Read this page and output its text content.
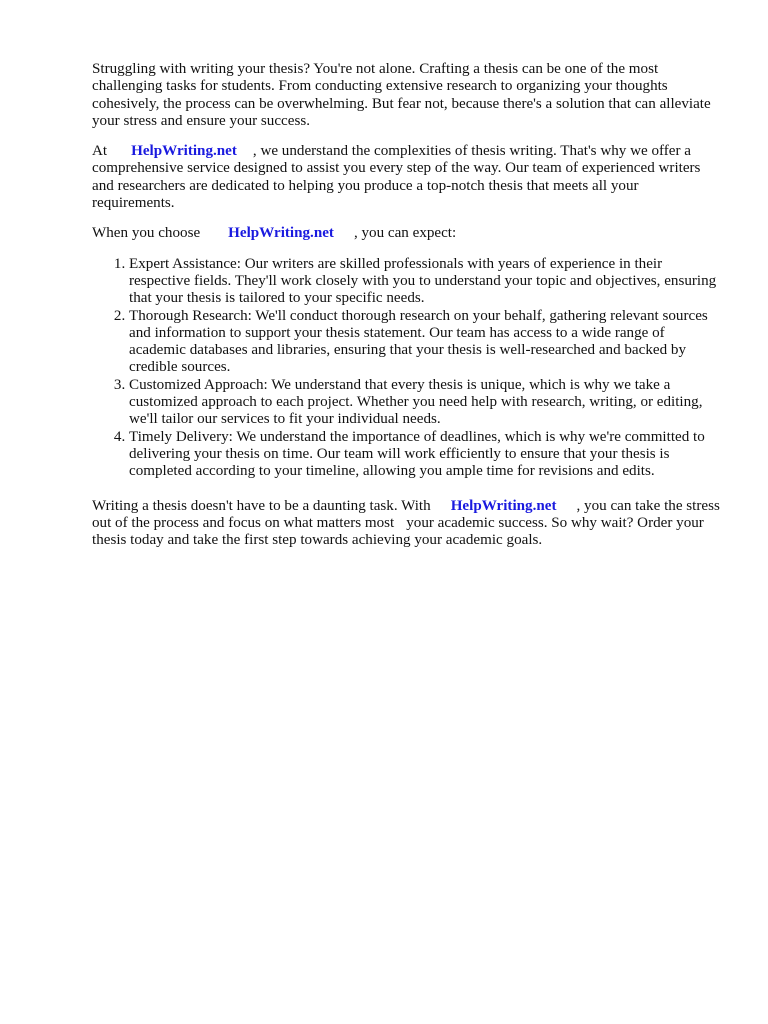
Struggling with writing your thesis? You're not alone. Crafting a thesis can be one of the most challenging tasks for students. From conducting extensive research to organizing your thoughts cohesively, the process can be overwhelming. But fear not, because there's a solution that can alleviate your stress and ensure your success.

At HelpWriting.net , we understand the complexities of thesis writing. That's why we offer a comprehensive service designed to assist you every step of the way. Our team of experienced writers and researchers are dedicated to helping you produce a top-notch thesis that meets all your requirements.

When you choose HelpWriting.net , you can expect:

1. Expert Assistance: Our writers are skilled professionals with years of experience in their respective fields. They'll work closely with you to understand your topic and objectives, ensuring that your thesis is tailored to your specific needs.
2. Thorough Research: We'll conduct thorough research on your behalf, gathering relevant sources and information to support your thesis statement. Our team has access to a wide range of academic databases and libraries, ensuring that your thesis is well-researched and backed by credible sources.
3. Customized Approach: We understand that every thesis is unique, which is why we take a customized approach to each project. Whether you need help with research, writing, or editing, we'll tailor our services to fit your individual needs.
4. Timely Delivery: We understand the importance of deadlines, which is why we're committed to delivering your thesis on time. Our team will work efficiently to ensure that your thesis is completed according to your timeline, allowing you ample time for revisions and edits.

Writing a thesis doesn't have to be a daunting task. With HelpWriting.net , you can take the stress out of the process and focus on what matters most your academic success. So why wait? Order your thesis today and take the first step towards achieving your academic goals.
